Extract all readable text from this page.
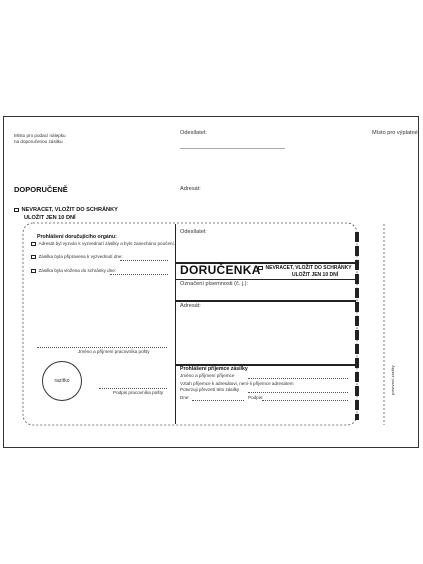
Místo pro podací nálepku
na doporučenou zásilku
Odesílatel:	Místo pro výplatné
DOPORUČENĚ	Adresát:
NEVRACET, VLOŽIT DO SCHRÁNKY
ULOŽIT JEN 10 DNÍ
Prohlášení doručujícího orgánu:
Adresát byl vyzván k vyzvednutí zásilky a bylo zanecháno poučení.
Zásilka byla připravena k vyzvednutí dne:
Zásilka byla vložena do schránky dne:
Jméno a příjmení pracovníka pošty
razítko
Podpis pracovníka pošty
Odesílatel:
DORUČENKA NEVRACET, VLOŽIT DO SCHRÁNKY
ULOŽIT JEN 10 DNÍ
Označení písemnosti (č. j.):
Adresát:
Prohlášení příjemce zásilky
Jméno a příjmení příjemce
Vztah příjemce k adresátovi, není-li příjemce adresátem
Potvrzuji převzetí této zásilky
Dne:	Podpis:
potvrzení zásilky
